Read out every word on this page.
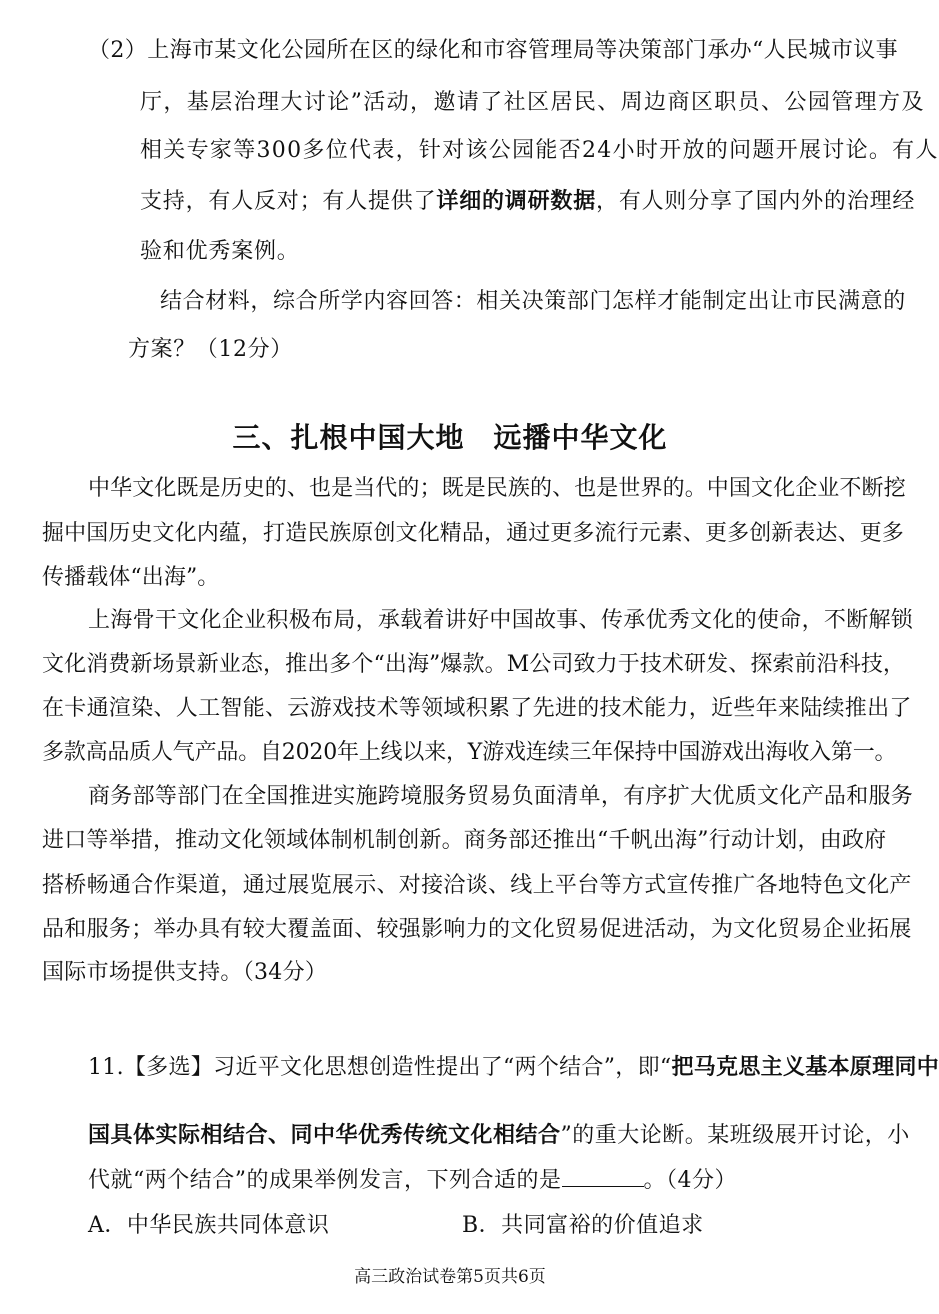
（2）上海市某文化公园所在区的绿化和市容管理局等决策部门承办“人民城市议事
厅，基层治理大讨论”活动，邀请了社区居民、周边商区职员、公园管理方及
相关专家等300多位代表，针对该公园能否24小时开放的问题开展讨论。有人
支持，有人反对；有人提供了详细的调研数据，有人则分享了国内外的治理经
验和优秀案例。
结合材料，综合所学内容回答：相关决策部门怎样才能制定出让市民满意的
方案？（12分）
三、扎根中国大地　远播中华文化
中华文化既是历史的、也是当代的；既是民族的、也是世界的。中国文化企业不断挖
掘中国历史文化内蕴，打造民族原创文化精品，通过更多流行元素、更多创新表达、更多
传播载体“出海”。
上海骨干文化企业积极布局，承载着讲好中国故事、传承优秀文化的使命，不断解锁
文化消费新场景新业态，推出多个“出海”爆款。M公司致力于技术研发、探索前沿科技，
在卡通渲染、人工智能、云游戏技术等领域积累了先进的技术能力，近些年来陆续推出了
多款高品质人气产品。自2020年上线以来，Y游戏连续三年保持中国游戏出海收入第一。
商务部等部门在全国推进实施跨境服务贸易负面清单，有序扩大优质文化产品和服务
进口等举措，推动文化领域体制机制创新。商务部还推出“千帆出海”行动计划，由政府
搭桥畅通合作渠道，通过展览展示、对接洽谈、线上平台等方式宣传推广各地特色文化产
品和服务；举办具有较大覆盖面、较强影响力的文化贸易促进活动，为文化贸易企业拓展
国际市场提供支持。（34分）
11.【多选】习近平文化思想创造性提出了“两个结合”，即“把马克思主义基本原理同中
国具体实际相结合、同中华优秀传统文化相结合”的重大论断。某班级展开讨论，小
代就“两个结合”的成果举例发言，下列合适的是	。（4分）
A．中华民族共同体意识	B．共同富裕的价值追求
高三政治试卷第5页共6页
